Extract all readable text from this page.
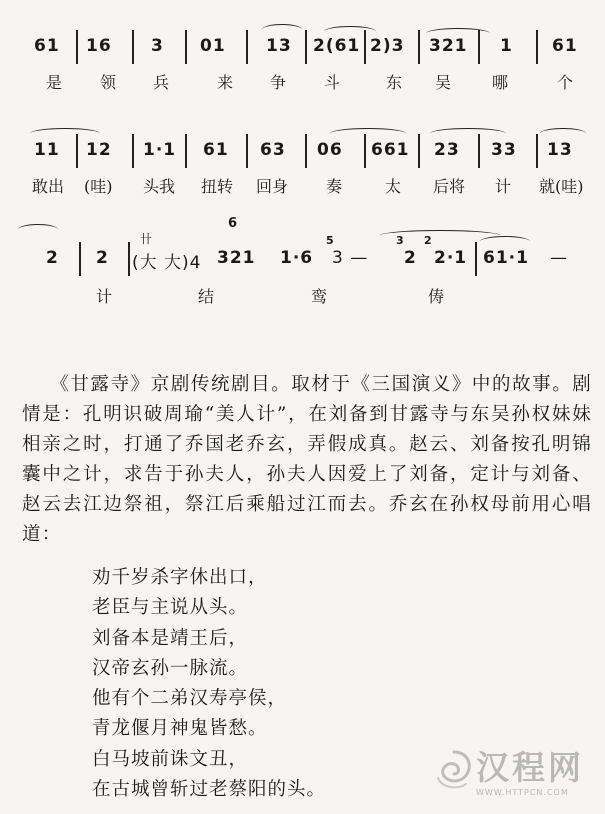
61 16 3 01 13 2(61 2)3 321 1 61
是 领 兵	来 争 斗	东 吴	哪	个
11 12 1·1 61 63 06 661 23 33 13
敢出 (哇) 头我 扭转 回身 奏	太 后将 计 就(哇)
2 2
卄
(大 大)4
6
321 1·6
5
3 —
3
2
2
2·1 61·1 —
计	结	鸾	俦
《甘露寺》京剧传统剧目。取材于《三国演义》中的故事。剧情是：孔明识破周瑜“美人计”，在刘备到甘露寺与东吴孙权妹妹相亲之时，打通了乔国老乔玄，弄假成真。赵云、刘备按孔明锦囊中之计，求告于孙夫人，孙夫人因爱上了刘备，定计与刘备、赵云去江边祭祖，祭江后乘船过江而去。乔玄在孙权母前用心唱道：
劝千岁杀字休出口，
老臣与主说从头。
刘备本是靖王后，
汉帝玄孙一脉流。
他有个二弟汉寿亭侯，
青龙偃月神鬼皆愁。
白马坡前诛文丑，
在古城曾斩过老蔡阳的头。
汉程网
WWW.HTTPCN.COM
